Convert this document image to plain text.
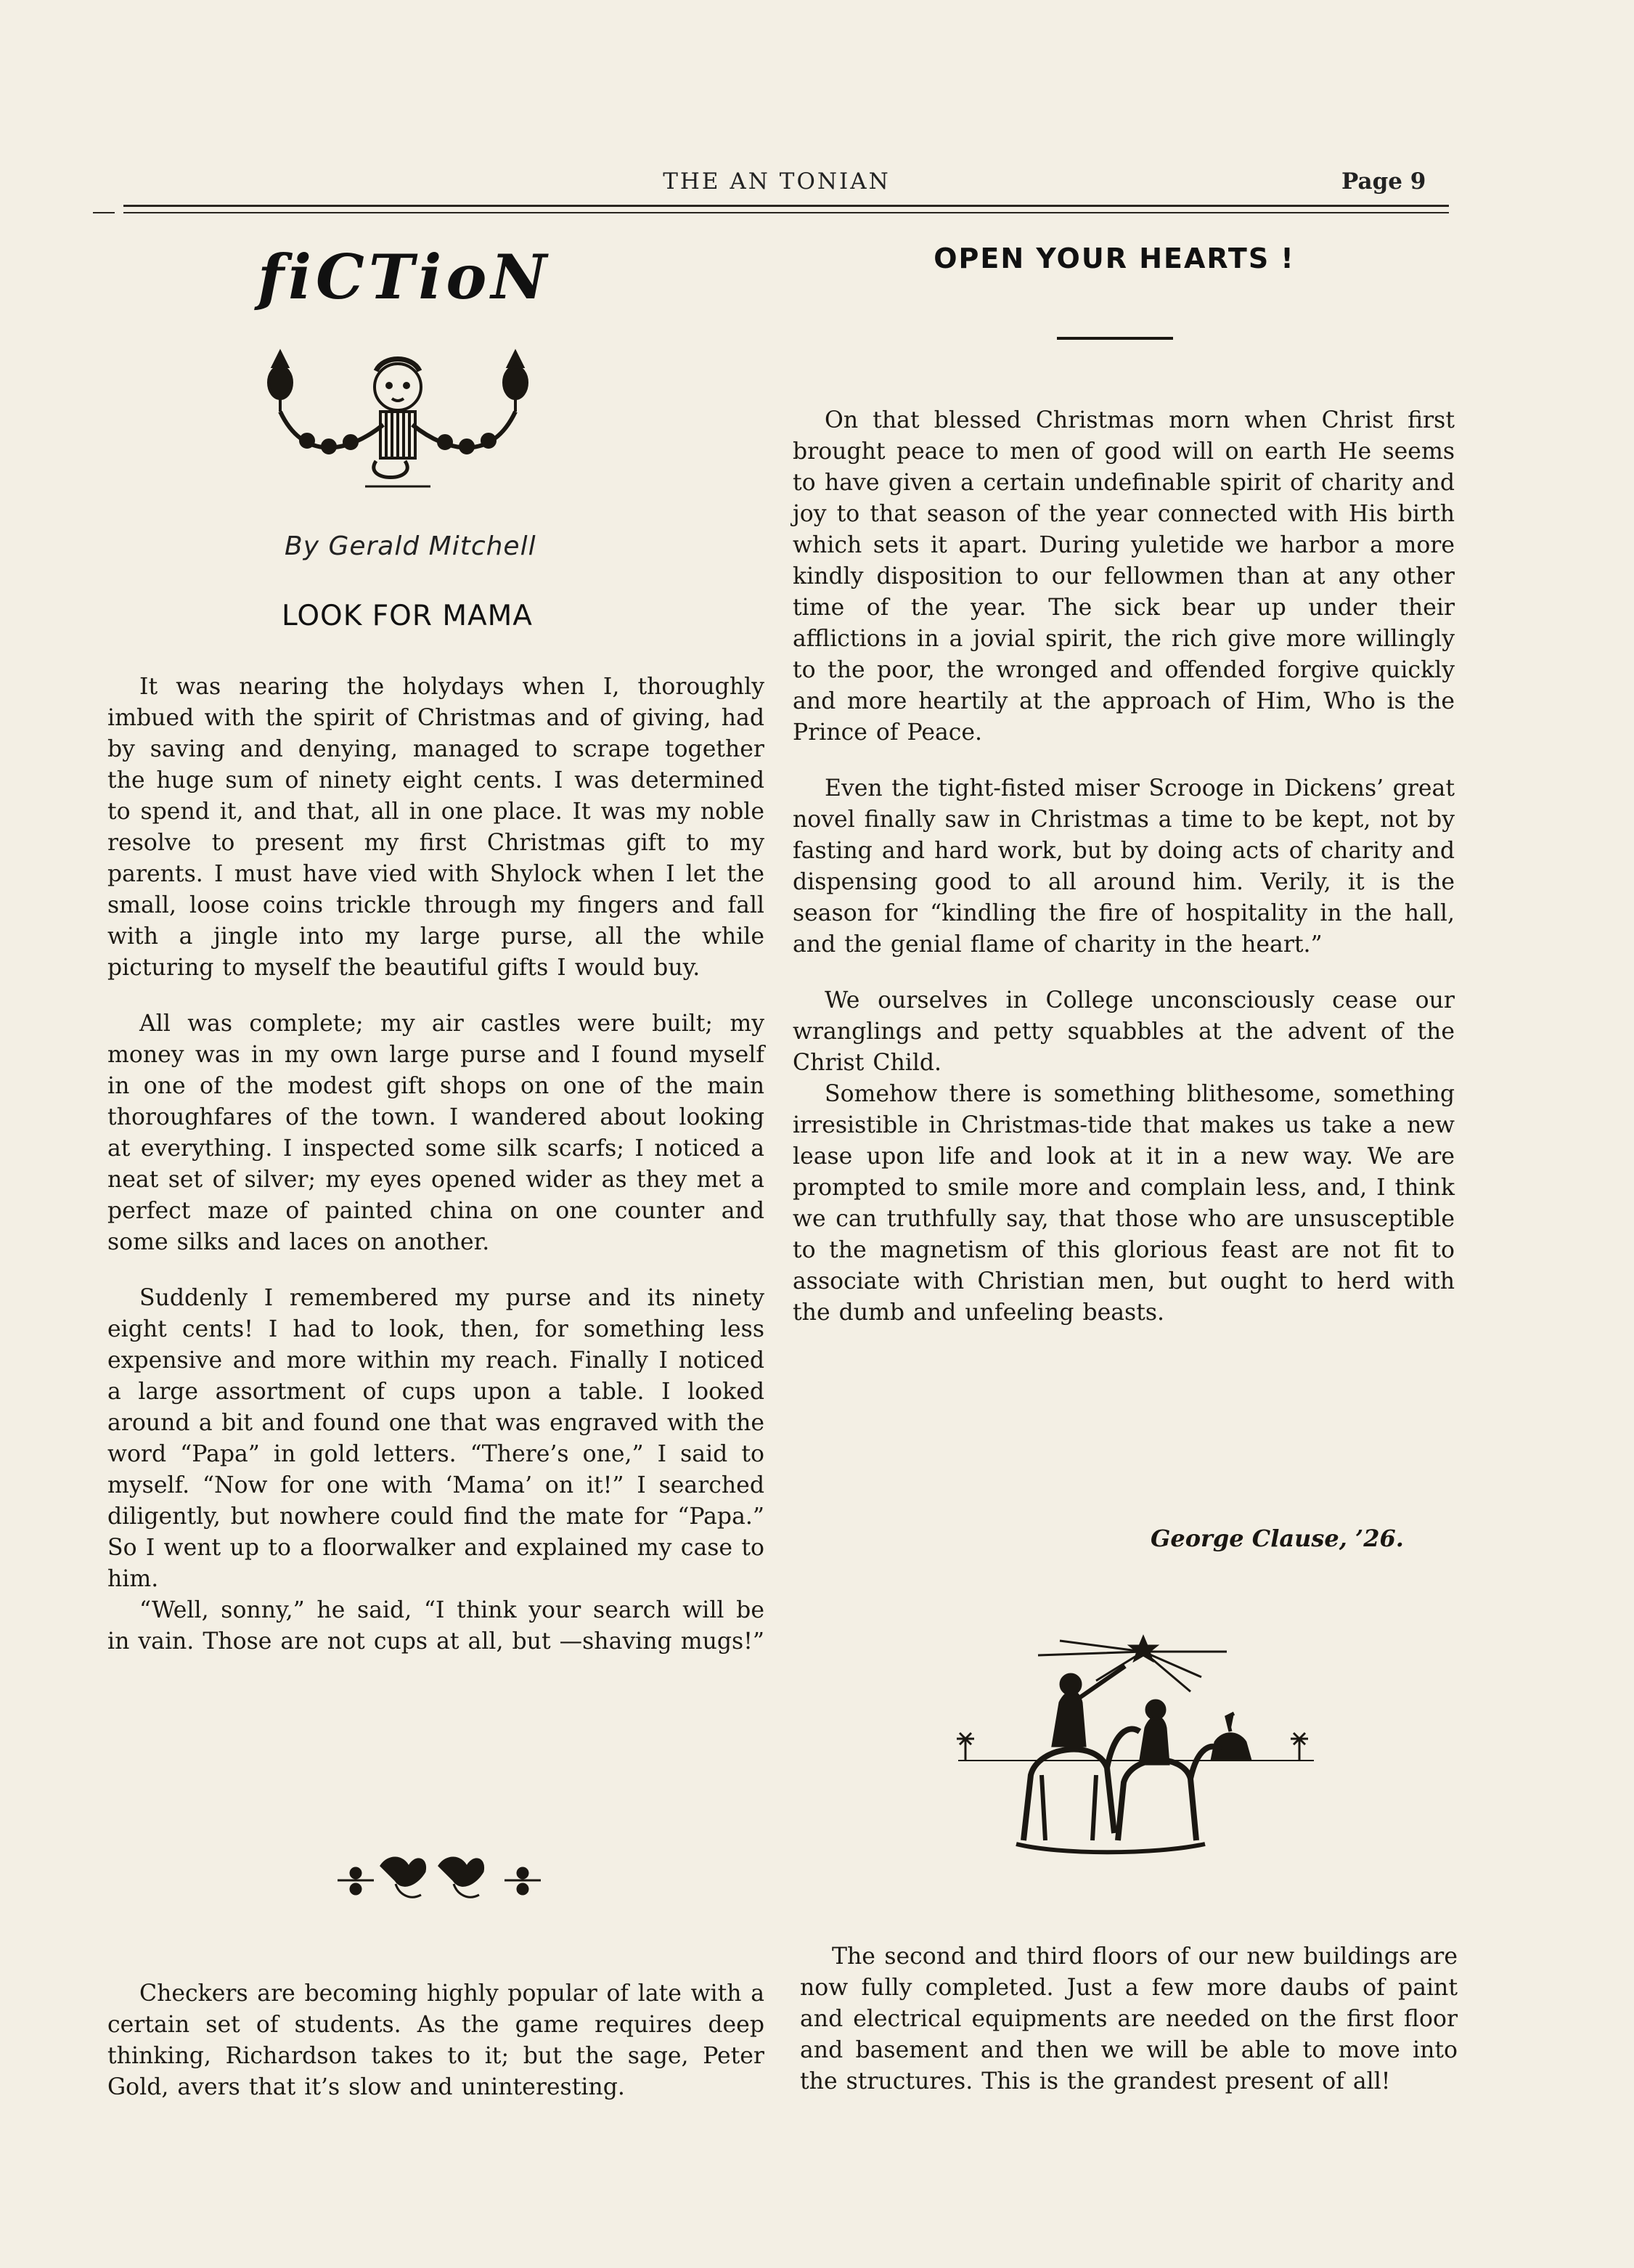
THE AN TONIAN	Page 9
fiCTioN
By Gerald Mitchell
LOOK FOR MAMA

It was nearing the holydays when I, thoroughly imbued with the spirit of Christmas and of giving, had by saving and denying, managed to scrape together the huge sum of ninety eight cents. I was determined to spend it, and that, all in one place. It was my noble resolve to present my first Christmas gift to my parents. I must have vied with Shylock when I let the small, loose coins trickle through my fingers and fall with a jingle into my large purse, all the while picturing to myself the beautiful gifts I would buy.

All was complete; my air castles were built; my money was in my own large purse and I found myself in one of the modest gift shops on one of the main thoroughfares of the town. I wandered about looking at everything. I inspected some silk scarfs; I noticed a neat set of silver; my eyes opened wider as they met a perfect maze of painted china on one counter and some silks and laces on another.

Suddenly I remembered my purse and its ninety eight cents! I had to look, then, for something less expensive and more within my reach. Finally I noticed a large assortment of cups upon a table. I looked around a bit and found one that was engraved with the word “Papa” in gold letters. “There’s one,” I said to myself. “Now for one with ‘Mama’ on it!” I searched diligently, but nowhere could find the mate for “Papa.” So I went up to a floorwalker and explained my case to him.

“Well, sonny,” he said, “I think your search will be in vain. Those are not cups at all, but —shaving mugs!”

Checkers are becoming highly popular of late with a certain set of students. As the game requires deep thinking, Richardson takes to it; but the sage, Peter Gold, avers that it’s slow and uninteresting.

OPEN YOUR HEARTS !

On that blessed Christmas morn when Christ first brought peace to men of good will on earth He seems to have given a certain undefinable spirit of charity and joy to that season of the year connected with His birth which sets it apart. During yuletide we harbor a more kindly disposition to our fellowmen than at any other time of the year. The sick bear up under their afflictions in a jovial spirit, the rich give more willingly to the poor, the wronged and offended forgive quickly and more heartily at the approach of Him, Who is the Prince of Peace.

Even the tight-fisted miser Scrooge in Dickens’ great novel finally saw in Christmas a time to be kept, not by fasting and hard work, but by doing acts of charity and dispensing good to all around him. Verily, it is the season for “kindling the fire of hospitality in the hall, and the genial flame of charity in the heart.”

We ourselves in College unconsciously cease our wranglings and petty squabbles at the advent of the Christ Child.

Somehow there is something blithesome, something irresistible in Christmas-tide that makes us take a new lease upon life and look at it in a new way. We are prompted to smile more and complain less, and, I think we can truthfully say, that those who are unsusceptible to the magnetism of this glorious feast are not fit to associate with Christian men, but ought to herd with the dumb and unfeeling beasts.

George Clause, ’26.

The second and third floors of our new buildings are now fully completed. Just a few more daubs of paint and electrical equipments are needed on the first floor and basement and then we will be able to move into the structures. This is the grandest present of all!
